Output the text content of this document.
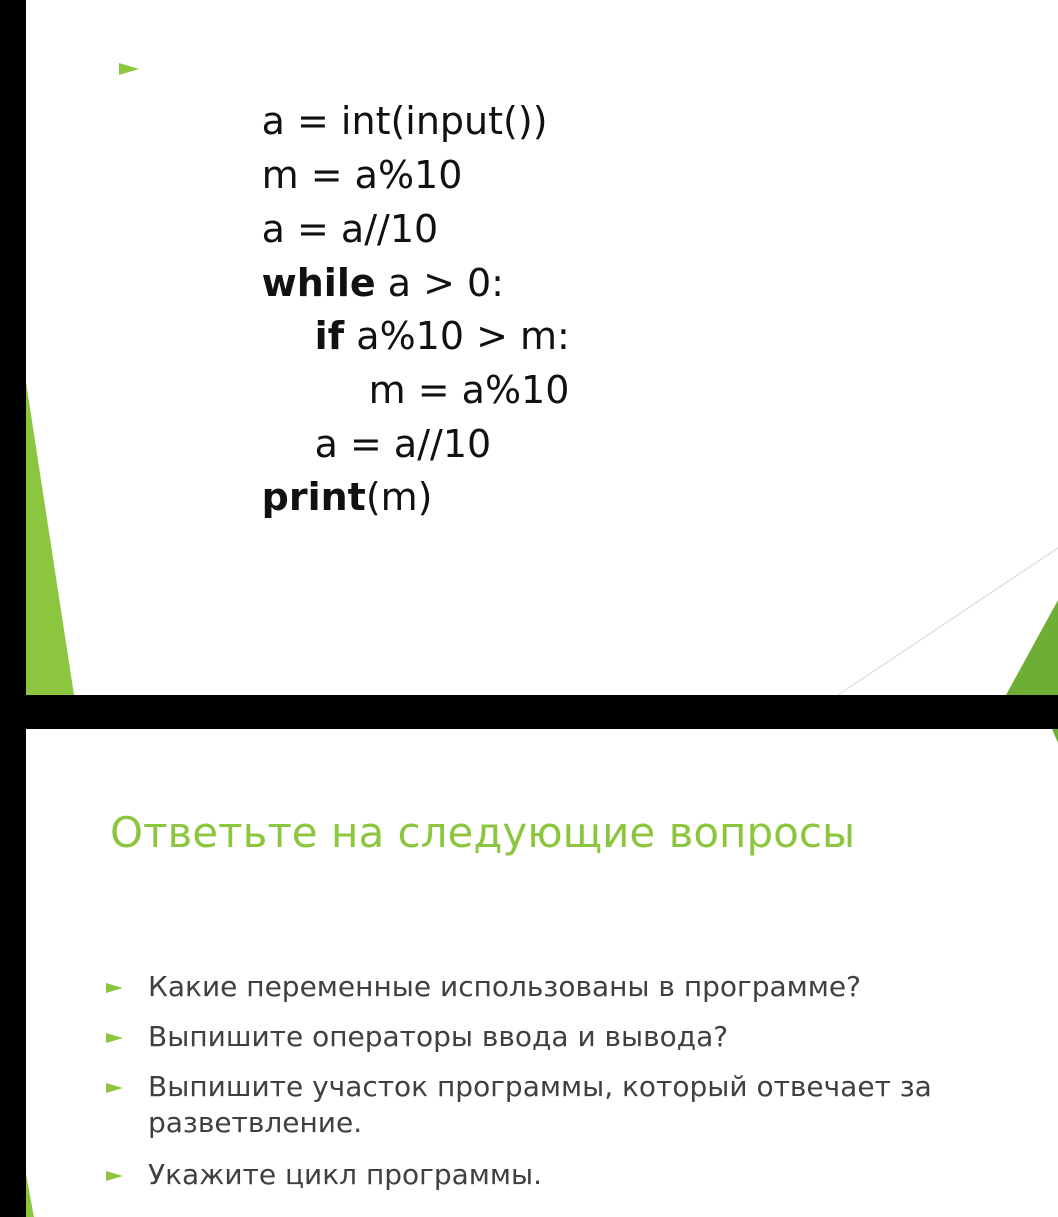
a = int(input())

m = a%10

a = a//10

while a > 0:

if a%10 > m:

m = a%10

a = a//10

print(m)

Ответьте на следующие вопросы
Какие переменные использованы в программе?
Выпишите операторы ввода и вывода?
Выпишите участок программы, который отвечает за разветвление.
Укажите цикл программы.
